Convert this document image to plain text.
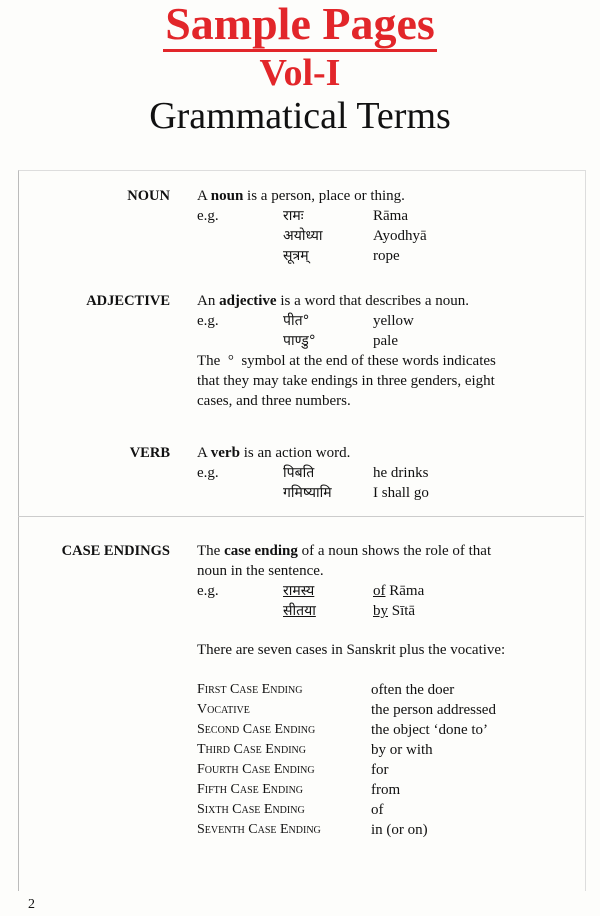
Sample Pages
Vol-I
Grammatical Terms
NOUN A noun is a person, place or thing.

e.g.	रामः	Rāma
अयोध्या	Ayodhyā
सूत्रम्	rope
ADJECTIVE An adjective is a word that describes a noun.

e.g.	पीत°	yellow
पाण्डु°	pale

The ° symbol at the end of these words indicates

that they may take endings in three genders, eight

cases, and three numbers.

VERB A verb is an action word.

e.g.	पिबति	he drinks
गमिष्यामि	I shall go
CASE ENDINGS The case ending of a noun shows the role of that

noun in the sentence.

e.g.	रामस्य	of Rāma
सीतया	by Sītā

There are seven cases in Sanskrit plus the vocative:

First Case Ending	often the doer
Vocative	the person addressed
Second Case Ending	the object ‘done to’
Third Case Ending	by or with
Fourth Case Ending	for
Fifth Case Ending	from
Sixth Case Ending	of
Seventh Case Ending	in (or on)
2
